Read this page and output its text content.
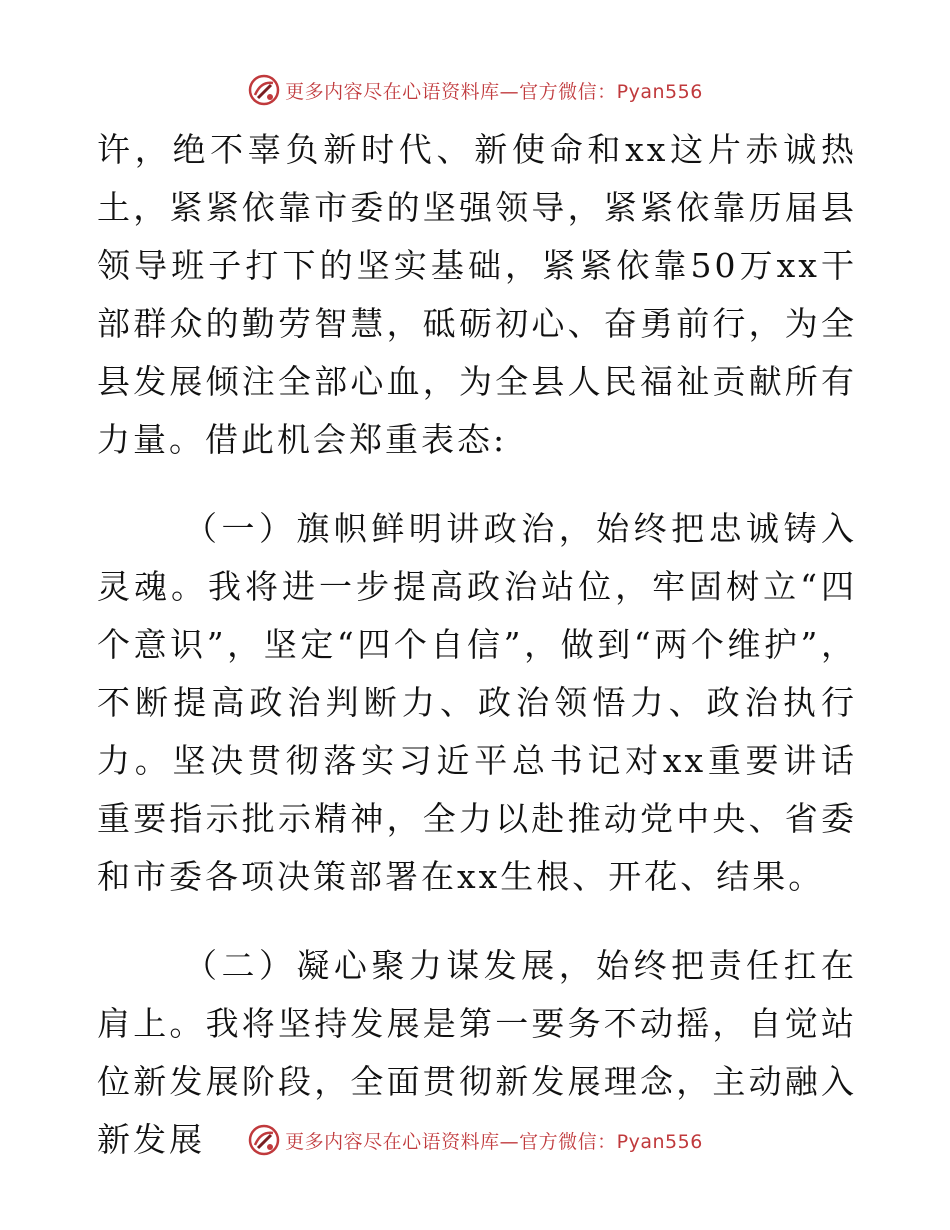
更多内容尽在心语资料库—官方微信：Pyan556

许，绝不辜负新时代、新使命和xx这片赤诚热土，紧紧依靠市委的坚强领导，紧紧依靠历届县领导班子打下的坚实基础，紧紧依靠50万xx干部群众的勤劳智慧，砥砺初心、奋勇前行，为全县发展倾注全部心血，为全县人民福祉贡献所有力量。借此机会郑重表态:

（一）旗帜鲜明讲政治，始终把忠诚铸入灵魂。我将进一步提高政治站位，牢固树立“四个意识”，坚定“四个自信”，做到“两个维护”，不断提高政治判断力、政治领悟力、政治执行力。坚决贯彻落实习近平总书记对xx重要讲话重要指示批示精神，全力以赴推动党中央、省委和市委各项决策部署在xx生根、开花、结果。

（二）凝心聚力谋发展，始终把责任扛在肩上。我将坚持发展是第一要务不动摇，自觉站位新发展阶段，全面贯彻新发展理念，主动融入新发展	更多内容尽在心语资料库—官方微信：Pyan556
